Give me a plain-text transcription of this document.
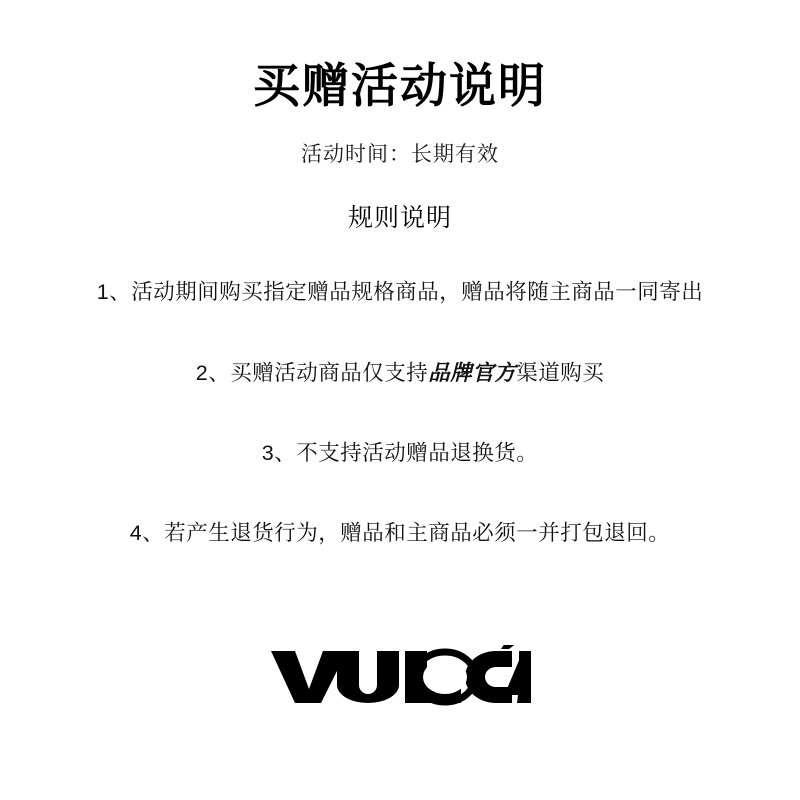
买赠活动说明
活动时间：长期有效
规则说明
1、活动期间购买指定赠品规格商品，赠品将随主商品一同寄出
2、买赠活动商品仅支持品牌官方渠道购买
3、不支持活动赠品退换货。
4、若产生退货行为，赠品和主商品必须一并打包退回。
